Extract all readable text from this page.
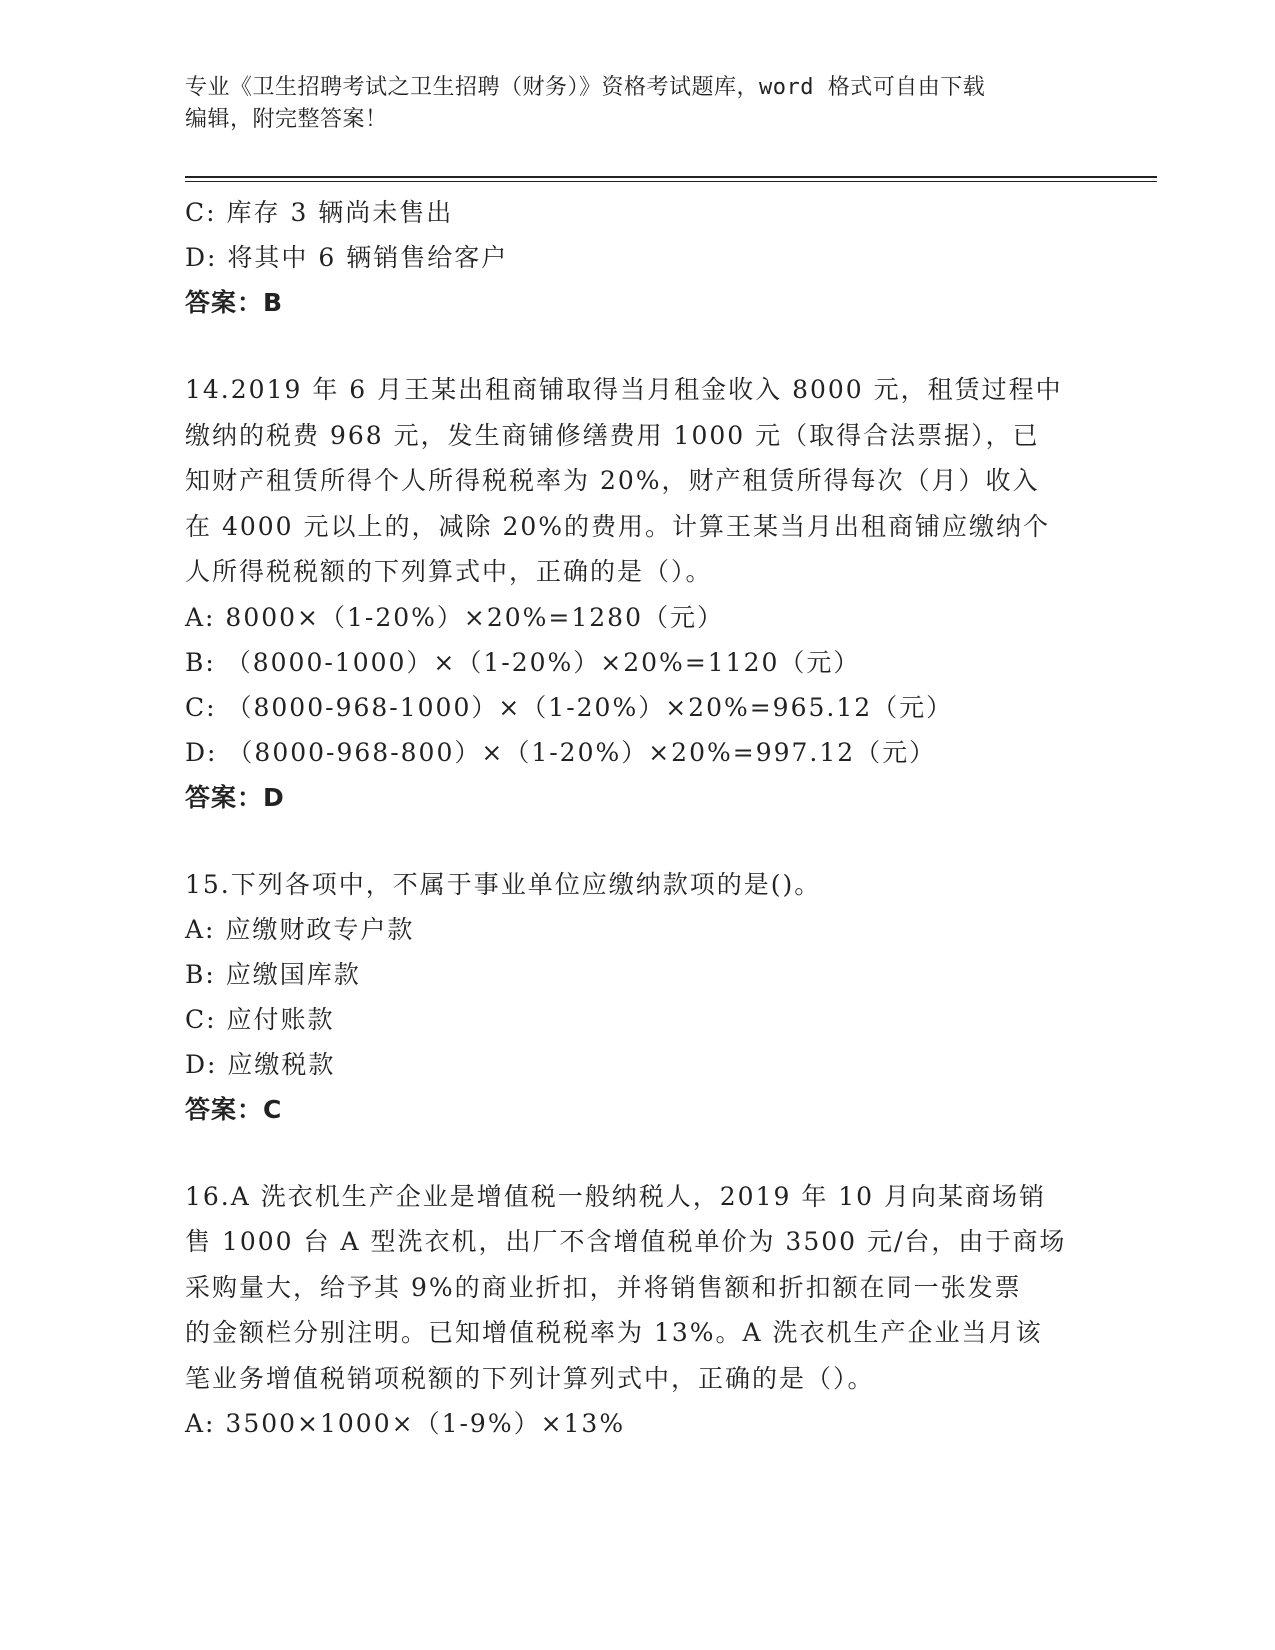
专业《卫生招聘考试之卫生招聘（财务）》资格考试题库，word 格式可自由下载
编辑，附完整答案！
C: 库存 3 辆尚未售出
D: 将其中 6 辆销售给客户
答案：B
14.2019 年 6 月王某出租商铺取得当月租金收入 8000 元，租赁过程中
缴纳的税费 968 元，发生商铺修缮费用 1000 元（取得合法票据），已
知财产租赁所得个人所得税税率为 20%，财产租赁所得每次（月）收入
在 4000 元以上的，减除 20%的费用。计算王某当月出租商铺应缴纳个
人所得税税额的下列算式中，正确的是（）。
A: 8000×（1-20%）×20%=1280（元）
B: （8000-1000）×（1-20%）×20%=1120（元）
C: （8000-968-1000）×（1-20%）×20%=965.12（元）
D: （8000-968-800）×（1-20%）×20%=997.12（元）
答案：D
15.下列各项中，不属于事业单位应缴纳款项的是()。
A: 应缴财政专户款
B: 应缴国库款
C: 应付账款
D: 应缴税款
答案：C
16.A 洗衣机生产企业是增值税一般纳税人，2019 年 10 月向某商场销
售 1000 台 A 型洗衣机，出厂不含增值税单价为 3500 元/台，由于商场
采购量大，给予其 9%的商业折扣，并将销售额和折扣额在同一张发票
的金额栏分别注明。已知增值税税率为 13%。A 洗衣机生产企业当月该
笔业务增值税销项税额的下列计算列式中，正确的是（）。
A: 3500×1000×（1-9%）×13%
